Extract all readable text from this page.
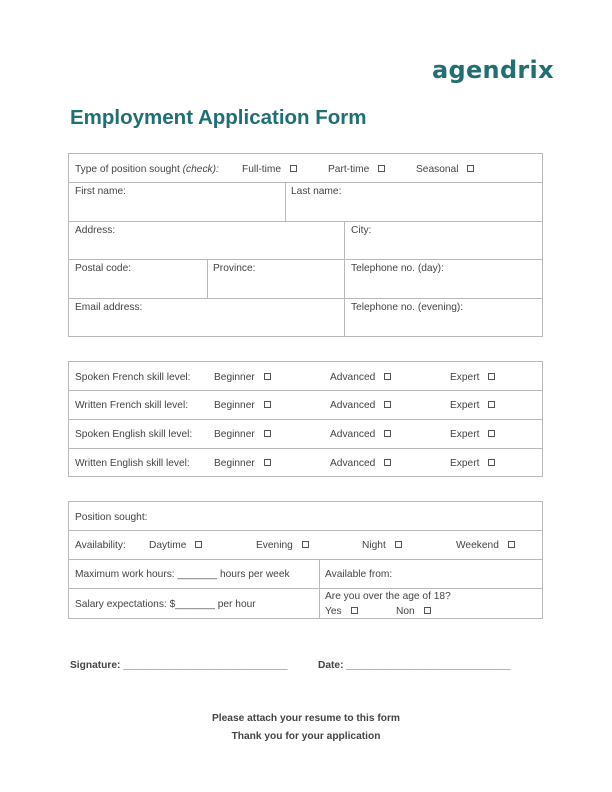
agendrix
Employment Application Form
Type of position sought (check): Full-time	Part-time	Seasonal
First name:	Last name:
Address:	City:
Postal code:	Province:	Telephone no. (day):
Email address:	Telephone no. (evening):
Spoken French skill level: Beginner	Advanced	Expert
Written French skill level:	Beginner	Advanced	Expert
Spoken English skill level: Beginner	Advanced	Expert
Written English skill level: Beginner	Advanced	Expert
Position sought:
Availability: Daytime	Evening	Night	Weekend
Maximum work hours: _______ hours per week	Available from:
Salary expectations: $_______ per hour
Are you over the age of 18?
Yes	Non
Signature: _____________________________	Date: _____________________________
Please attach your resume to this form
Thank you for your application
